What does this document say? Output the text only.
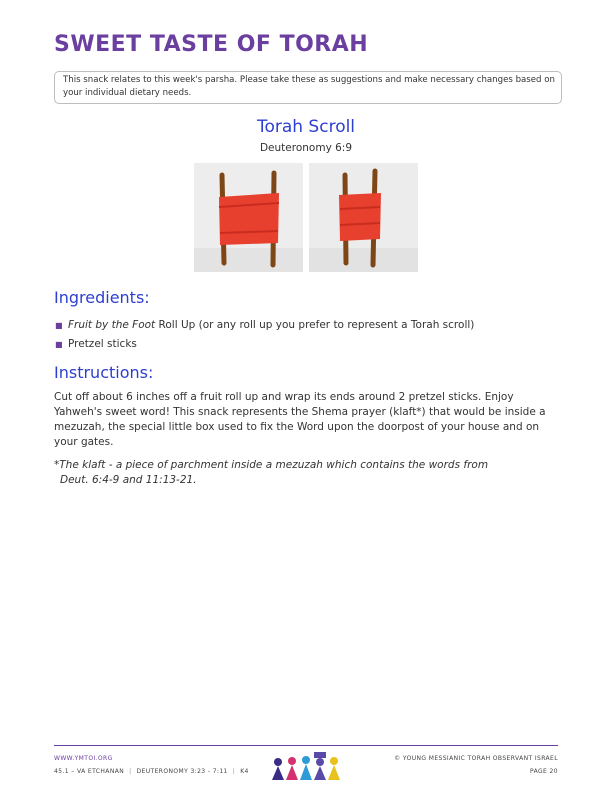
SWEET TASTE OF TORAH
This snack relates to this week's parsha. Please take these as suggestions and make necessary changes based on your individual dietary needs.
Torah Scroll
Deuteronomy 6:9
Ingredients:
■ Fruit by the Foot Roll Up (or any roll up you prefer to represent a Torah scroll)
■ Pretzel sticks
Instructions:

Cut off about 6 inches off a fruit roll up and wrap its ends around 2 pretzel sticks. Enjoy Yahweh's sweet word! This snack represents the Shema prayer (klaft*) that would be inside a mezuzah, the special little box used to fix the Word upon the doorpost of your house and on your gates.

*The klaft - a piece of parchment inside a mezuzah which contains the words from
Deut. 6:4-9 and 11:13-21.
WWW.YMTOI.ORG
45.1 – VA ETCHANAN | DEUTERONOMY 3:23 - 7:11 | K4
© YOUNG MESSIANIC TORAH OBSERVANT ISRAEL
PAGE 20
